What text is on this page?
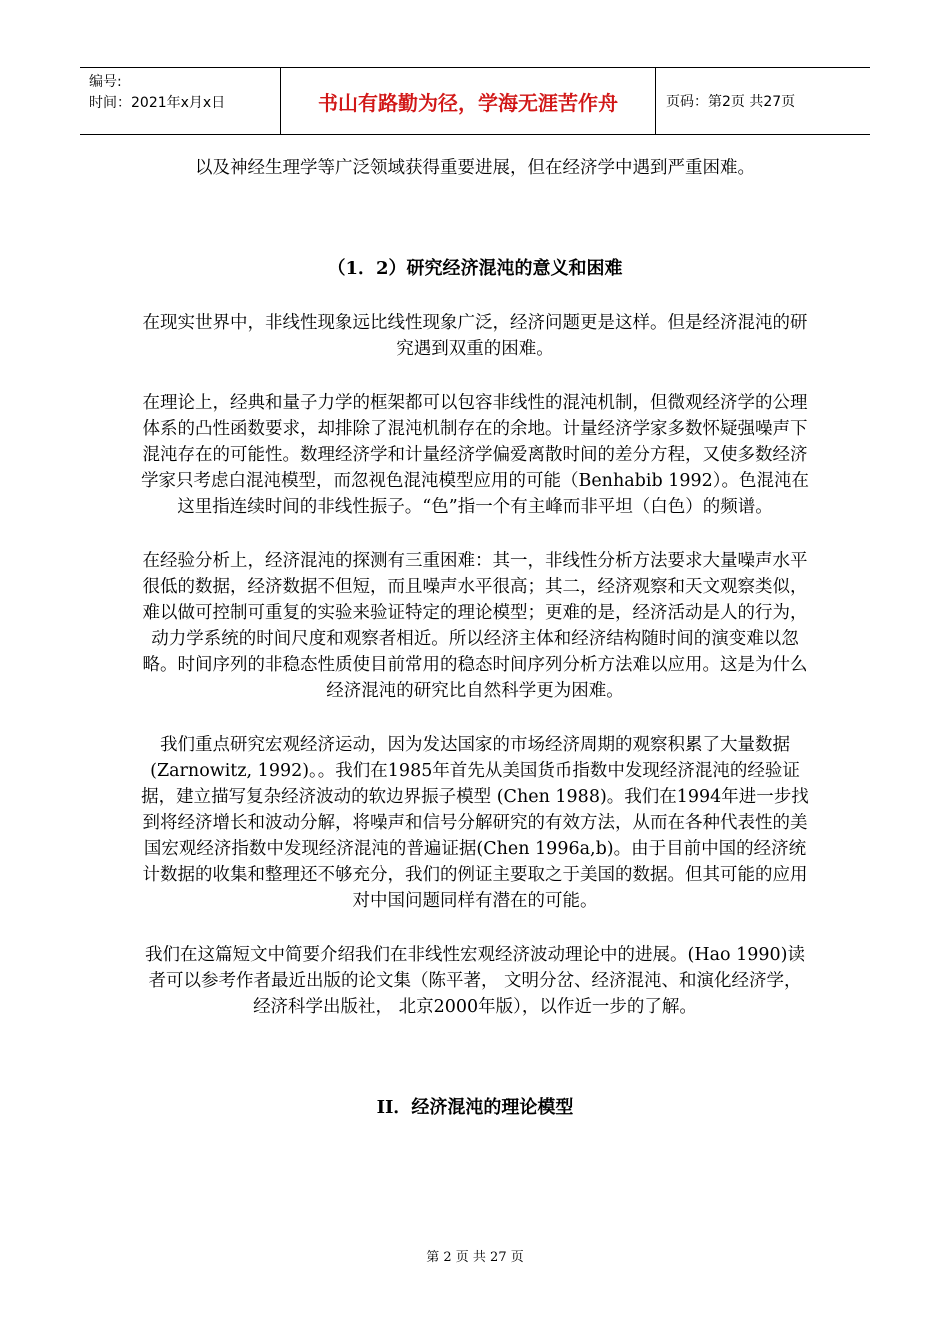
编号:
时间：2021年x月x日	书山有路勤为径，学海无涯苦作舟	页码：第2页 共27页

以及神经生理学等广泛领域获得重要进展，但在经济学中遇到严重困难。

（1．2）研究经济混沌的意义和困难

在现实世界中，非线性现象远比线性现象广泛，经济问题更是这样。但是经济混沌的研究遇到双重的困难。

在理论上，经典和量子力学的框架都可以包容非线性的混沌机制，但微观经济学的公理体系的凸性函数要求，却排除了混沌机制存在的余地。计量经济学家多数怀疑强噪声下混沌存在的可能性。数理经济学和计量经济学偏爱离散时间的差分方程，又使多数经济学家只考虑白混沌模型，而忽视色混沌模型应用的可能（Benhabib 1992）。色混沌在这里指连续时间的非线性振子。“色”指一个有主峰而非平坦（白色）的频谱。

在经验分析上，经济混沌的探测有三重困难：其一，非线性分析方法要求大量噪声水平很低的数据，经济数据不但短，而且噪声水平很高；其二，经济观察和天文观察类似，难以做可控制可重复的实验来验证特定的理论模型；更难的是，经济活动是人的行为，动力学系统的时间尺度和观察者相近。所以经济主体和经济结构随时间的演变难以忽略。时间序列的非稳态性质使目前常用的稳态时间序列分析方法难以应用。这是为什么经济混沌的研究比自然科学更为困难。

我们重点研究宏观经济运动，因为发达国家的市场经济周期的观察积累了大量数据(Zarnowitz, 1992)。。我们在1985年首先从美国货币指数中发现经济混沌的经验证据，建立描写复杂经济波动的软边界振子模型 (Chen 1988)。我们在1994年进一步找到将经济增长和波动分解，将噪声和信号分解研究的有效方法，从而在各种代表性的美国宏观经济指数中发现经济混沌的普遍证据(Chen 1996a,b)。由于目前中国的经济统计数据的收集和整理还不够充分，我们的例证主要取之于美国的数据。但其可能的应用对中国问题同样有潜在的可能。

我们在这篇短文中简要介绍我们在非线性宏观经济波动理论中的进展。(Hao 1990)读者可以参考作者最近出版的论文集（陈平著， 文明分岔、经济混沌、和演化经济学，经济科学出版社， 北京2000年版），以作近一步的了解。

II．经济混沌的理论模型

第 2 页 共 27 页
